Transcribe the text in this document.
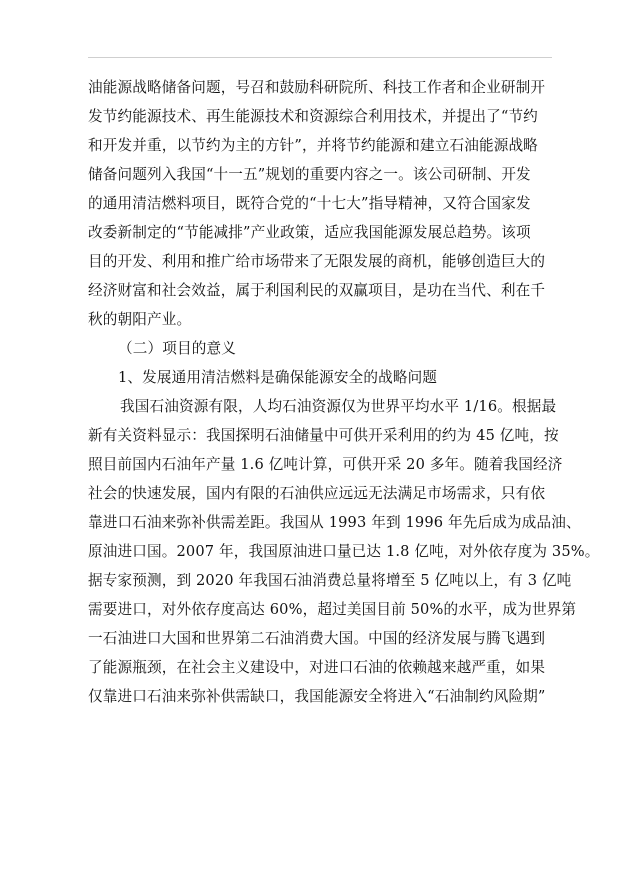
油能源战略储备问题，号召和鼓励科研院所、科技工作者和企业研制开
发节约能源技术、再生能源技术和资源综合利用技术，并提出了“节约
和开发并重，以节约为主的方针”，并将节约能源和建立石油能源战略
储备问题列入我国“十一五”规划的重要内容之一。该公司研制、开发
的通用清洁燃料项目，既符合党的“十七大”指导精神，又符合国家发
改委新制定的“节能减排”产业政策，适应我国能源发展总趋势。该项
目的开发、利用和推广给市场带来了无限发展的商机，能够创造巨大的
经济财富和社会效益，属于利国利民的双赢项目，是功在当代、利在千
秋的朝阳产业。
（二）项目的意义
1、发展通用清洁燃料是确保能源安全的战略问题
我国石油资源有限，人均石油资源仅为世界平均水平 1/16。根据最
新有关资料显示：我国探明石油储量中可供开采利用的约为 45 亿吨，按
照目前国内石油年产量 1.6 亿吨计算，可供开采 20 多年。随着我国经济
社会的快速发展，国内有限的石油供应远远无法满足市场需求，只有依
靠进口石油来弥补供需差距。我国从 1993 年到 1996 年先后成为成品油、
原油进口国。2007 年，我国原油进口量已达 1.8 亿吨，对外依存度为 35%。
据专家预测，到 2020 年我国石油消费总量将增至 5 亿吨以上，有 3 亿吨
需要进口，对外依存度高达 60%，超过美国目前 50%的水平，成为世界第
一石油进口大国和世界第二石油消费大国。中国的经济发展与腾飞遇到
了能源瓶颈，在社会主义建设中，对进口石油的依赖越来越严重，如果
仅靠进口石油来弥补供需缺口，我国能源安全将进入“石油制约风险期”
